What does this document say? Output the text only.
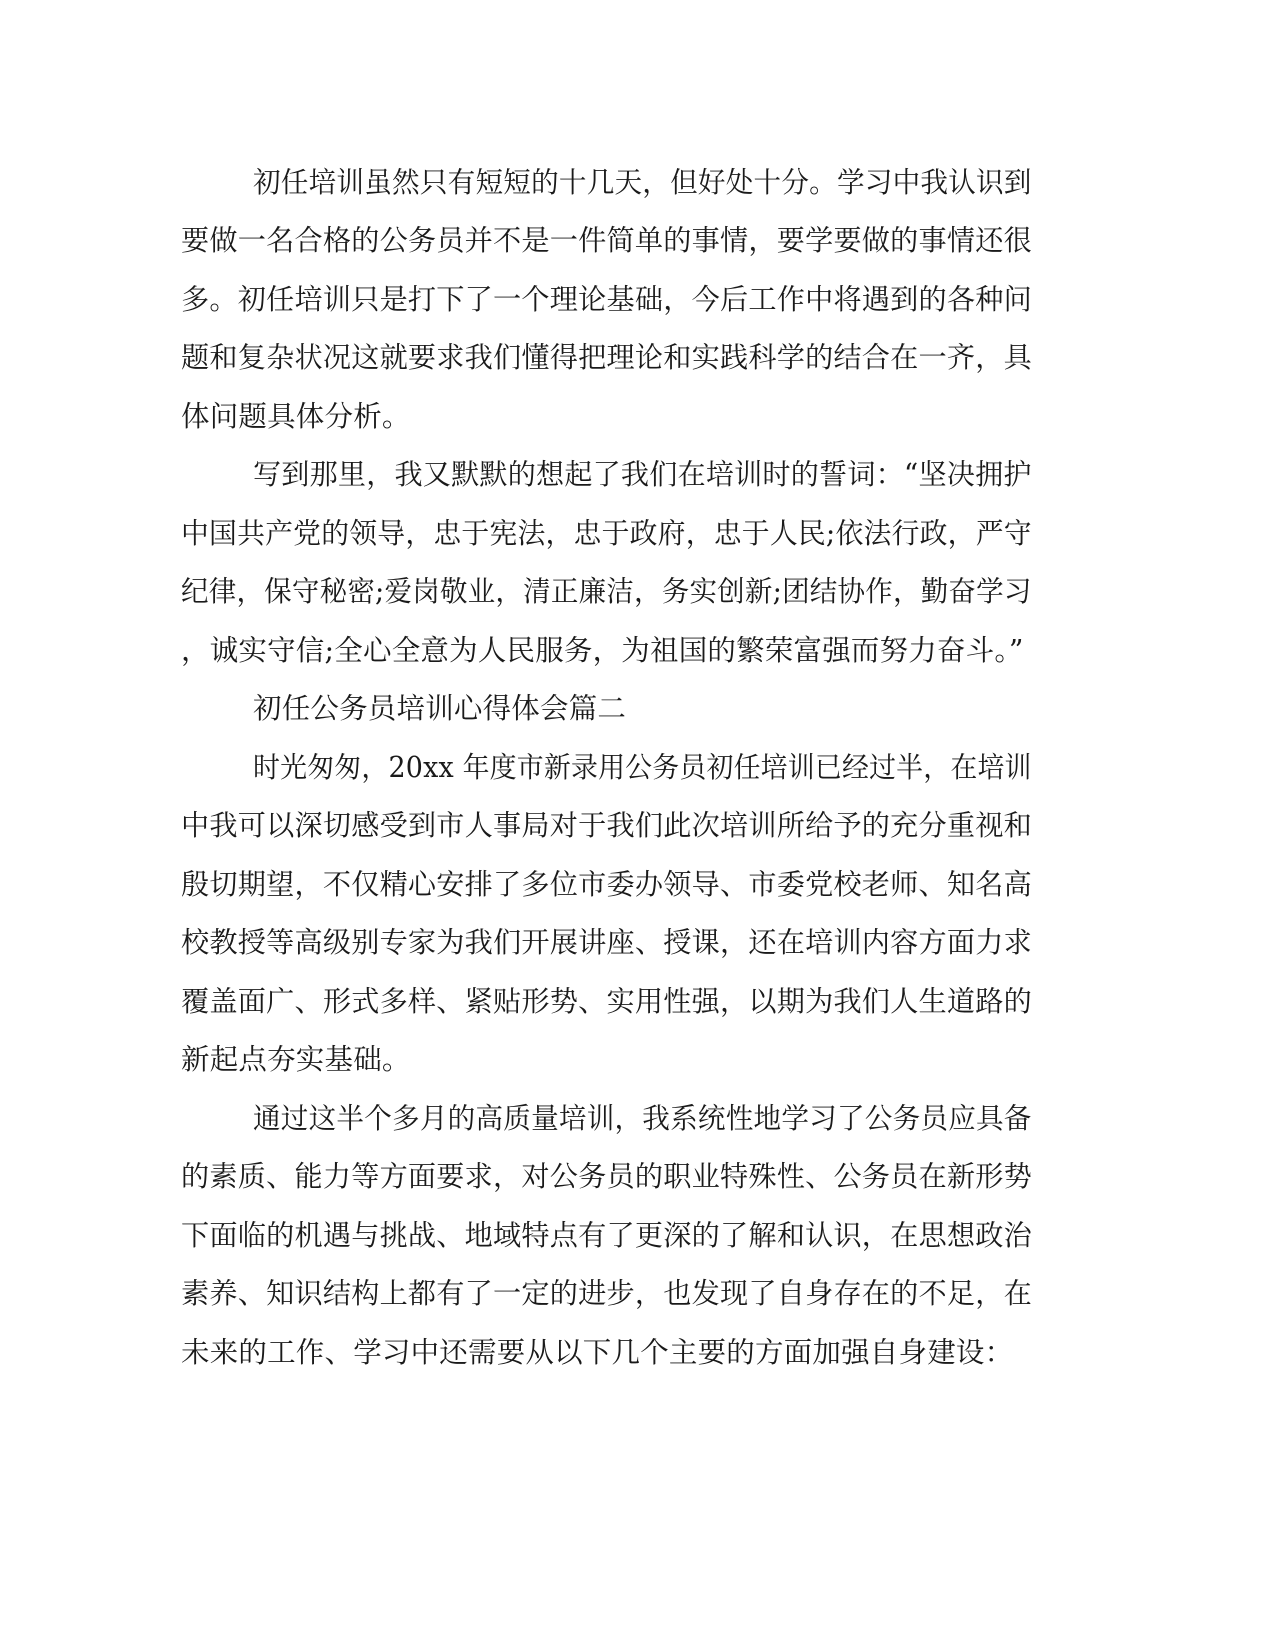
初任培训虽然只有短短的十几天，但好处十分。学习中我认识到
要做一名合格的公务员并不是一件简单的事情，要学要做的事情还很
多。初任培训只是打下了一个理论基础，今后工作中将遇到的各种问
题和复杂状况这就要求我们懂得把理论和实践科学的结合在一齐，具
体问题具体分析。
写到那里，我又默默的想起了我们在培训时的誓词：“坚决拥护
中国共产党的领导，忠于宪法，忠于政府，忠于人民;依法行政，严守
纪律，保守秘密;爱岗敬业，清正廉洁，务实创新;团结协作，勤奋学习
，诚实守信;全心全意为人民服务，为祖国的繁荣富强而努力奋斗。”
初任公务员培训心得体会篇二
时光匆匆，20xx 年度市新录用公务员初任培训已经过半，在培训
中我可以深切感受到市人事局对于我们此次培训所给予的充分重视和
殷切期望，不仅精心安排了多位市委办领导、市委党校老师、知名高
校教授等高级别专家为我们开展讲座、授课，还在培训内容方面力求
覆盖面广、形式多样、紧贴形势、实用性强，以期为我们人生道路的
新起点夯实基础。
通过这半个多月的高质量培训，我系统性地学习了公务员应具备
的素质、能力等方面要求，对公务员的职业特殊性、公务员在新形势
下面临的机遇与挑战、地域特点有了更深的了解和认识，在思想政治
素养、知识结构上都有了一定的进步，也发现了自身存在的不足，在
未来的工作、学习中还需要从以下几个主要的方面加强自身建设：
